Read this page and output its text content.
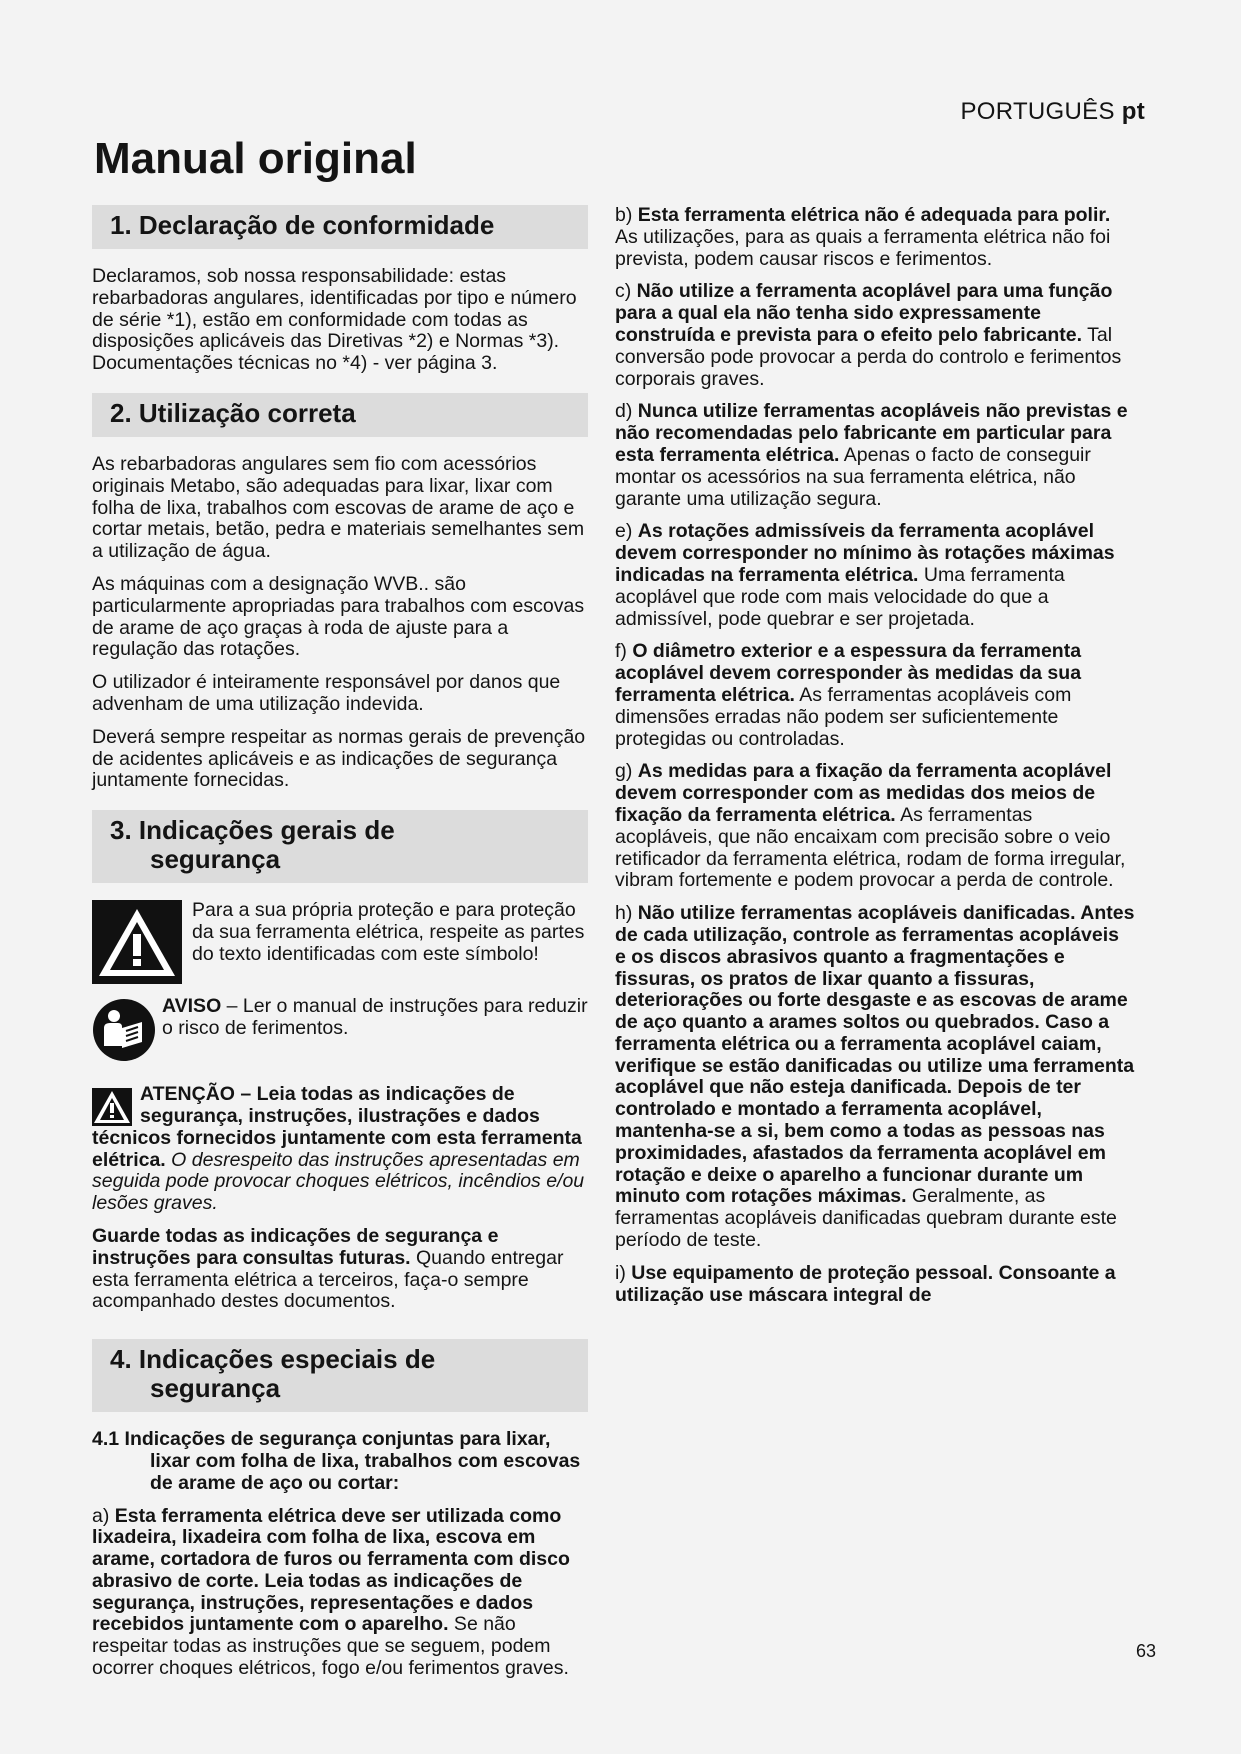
PORTUGUÊS pt
Manual original
1. Declaração de conformidade

Declaramos, sob nossa responsabilidade: estas rebarbadoras angulares, identificadas por tipo e número de série *1), estão em conformidade com todas as disposições aplicáveis das Diretivas *2) e Normas *3). Documentações técnicas no *4) - ver página 3.

2. Utilização correta

As rebarbadoras angulares sem fio com acessórios originais Metabo, são adequadas para lixar, lixar com folha de lixa, trabalhos com escovas de arame de aço e cortar metais, betão, pedra e materiais semelhantes sem a utilização de água.

As máquinas com a designação WVB.. são particularmente apropriadas para trabalhos com escovas de arame de aço graças à roda de ajuste para a regulação das rotações.

O utilizador é inteiramente responsável por danos que advenham de uma utilização indevida.

Deverá sempre respeitar as normas gerais de prevenção de acidentes aplicáveis e as indicações de segurança juntamente fornecidas.

3. Indicações gerais de
segurança
Para a sua própria proteção e para proteção da sua ferramenta elétrica, respeite as partes do texto identificadas com este símbolo!
AVISO – Ler o manual de instruções para reduzir o risco de ferimentos.

ATENÇÃO – Leia todas as indicações de segurança, instruções, ilustrações e dados técnicos fornecidos juntamente com esta ferramenta elétrica. O desrespeito das instruções apresentadas em seguida pode provocar choques elétricos, incêndios e/ou lesões graves.

Guarde todas as indicações de segurança e instruções para consultas futuras. Quando entregar esta ferramenta elétrica a terceiros, faça-o sempre acompanhado destes documentos.

4. Indicações especiais de
segurança

4.1 Indicações de segurança conjuntas para lixar, lixar com folha de lixa, trabalhos com escovas de arame de aço ou cortar:

a) Esta ferramenta elétrica deve ser utilizada como lixadeira, lixadeira com folha de lixa, escova em arame, cortadora de furos ou ferramenta com disco abrasivo de corte. Leia todas as indicações de segurança, instruções, representações e dados recebidos juntamente com o aparelho. Se não respeitar todas as instruções que se seguem, podem ocorrer choques elétricos, fogo e/ou ferimentos graves.

b) Esta ferramenta elétrica não é adequada para polir. As utilizações, para as quais a ferramenta elétrica não foi prevista, podem causar riscos e ferimentos.

c) Não utilize a ferramenta acoplável para uma função para a qual ela não tenha sido expressamente construída e prevista para o efeito pelo fabricante. Tal conversão pode provocar a perda do controlo e ferimentos corporais graves.

d) Nunca utilize ferramentas acopláveis não previstas e não recomendadas pelo fabricante em particular para esta ferramenta elétrica. Apenas o facto de conseguir montar os acessórios na sua ferramenta elétrica, não garante uma utilização segura.

e) As rotações admissíveis da ferramenta acoplável devem corresponder no mínimo às rotações máximas indicadas na ferramenta elétrica. Uma ferramenta acoplável que rode com mais velocidade do que a admissível, pode quebrar e ser projetada.

f) O diâmetro exterior e a espessura da ferramenta acoplável devem corresponder às medidas da sua ferramenta elétrica. As ferramentas acopláveis com dimensões erradas não podem ser suficientemente protegidas ou controladas.

g) As medidas para a fixação da ferramenta acoplável devem corresponder com as medidas dos meios de fixação da ferramenta elétrica. As ferramentas acopláveis, que não encaixam com precisão sobre o veio retificador da ferramenta elétrica, rodam de forma irregular, vibram fortemente e podem provocar a perda de controle.

h) Não utilize ferramentas acopláveis danificadas. Antes de cada utilização, controle as ferramentas acopláveis e os discos abrasivos quanto a fragmentações e fissuras, os pratos de lixar quanto a fissuras, deteriorações ou forte desgaste e as escovas de arame de aço quanto a arames soltos ou quebrados. Caso a ferramenta elétrica ou a ferramenta acoplável caiam, verifique se estão danificadas ou utilize uma ferramenta acoplável que não esteja danificada. Depois de ter controlado e montado a ferramenta acoplável, mantenha-se a si, bem como a todas as pessoas nas proximidades, afastados da ferramenta acoplável em rotação e deixe o aparelho a funcionar durante um minuto com rotações máximas. Geralmente, as ferramentas acopláveis danificadas quebram durante este período de teste.

i) Use equipamento de proteção pessoal. Consoante a utilização use máscara integral de

63
